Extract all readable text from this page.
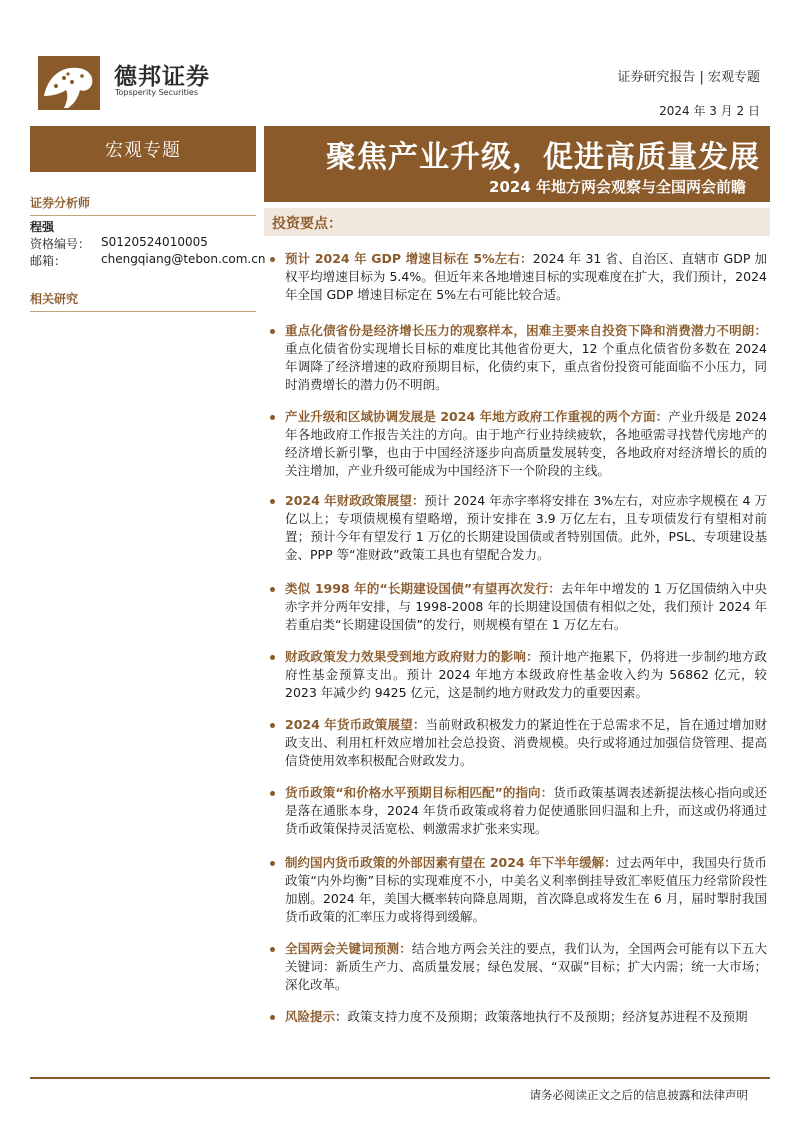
德邦证券
Topsperity Securities
证券研究报告 | 宏观专题
2024 年 3 月 2 日
宏观专题
证券分析师
程强
资格编号： S0120524010005
邮箱：	chengqiang@tebon.com.cn
相关研究
聚焦产业升级，促进高质量发展
2024 年地方两会观察与全国两会前瞻
投资要点：
预计 2024 年 GDP 增速目标在 5%左右：2024 年 31 省、自治区、直辖市 GDP 加权平均增速目标为 5.4%。但近年来各地增速目标的实现难度在扩大，我们预计，2024 年全国 GDP 增速目标定在 5%左右可能比较合适。
重点化债省份是经济增长压力的观察样本，困难主要来自投资下降和消费潜力不明朗：重点化债省份实现增长目标的难度比其他省份更大，12 个重点化债省份多数在 2024 年调降了经济增速的政府预期目标，化债约束下，重点省份投资可能面临不小压力，同时消费增长的潜力仍不明朗。
产业升级和区域协调发展是 2024 年地方政府工作重视的两个方面：产业升级是 2024 年各地政府工作报告关注的方向。由于地产行业持续疲软，各地亟需寻找替代房地产的经济增长新引擎，也由于中国经济逐步向高质量发展转变，各地政府对经济增长的质的关注增加，产业升级可能成为中国经济下一个阶段的主线。
2024 年财政政策展望：预计 2024 年赤字率将安排在 3%左右，对应赤字规模在 4 万亿以上；专项债规模有望略增，预计安排在 3.9 万亿左右，且专项债发行有望相对前置；预计今年有望发行 1 万亿的长期建设国债或者特别国债。此外，PSL、专项建设基金、PPP 等“准财政”政策工具也有望配合发力。
类似 1998 年的“长期建设国债”有望再次发行：去年年中增发的 1 万亿国债纳入中央赤字并分两年安排，与 1998-2008 年的长期建设国债有相似之处，我们预计 2024 年若重启类“长期建设国债”的发行，则规模有望在 1 万亿左右。
财政政策发力效果受到地方政府财力的影响：预计地产拖累下，仍将进一步制约地方政府性基金预算支出。预计 2024 年地方本级政府性基金收入约为 56862 亿元，较 2023 年减少约 9425 亿元，这是制约地方财政发力的重要因素。
2024 年货币政策展望：当前财政积极发力的紧迫性在于总需求不足，旨在通过增加财政支出、利用杠杆效应增加社会总投资、消费规模。央行或将通过加强信贷管理、提高信贷使用效率积极配合财政发力。
货币政策“和价格水平预期目标相匹配”的指向：货币政策基调表述新提法核心指向或还是落在通胀本身，2024 年货币政策或将着力促使通胀回归温和上升，而这或仍将通过货币政策保持灵活宽松、刺激需求扩张来实现。
制约国内货币政策的外部因素有望在 2024 年下半年缓解：过去两年中，我国央行货币政策“内外均衡”目标的实现难度不小，中美名义利率倒挂导致汇率贬值压力经常阶段性加剧。2024 年，美国大概率转向降息周期，首次降息或将发生在 6 月，届时掣肘我国货币政策的汇率压力或将得到缓解。
全国两会关键词预测：结合地方两会关注的要点，我们认为，全国两会可能有以下五大关键词：新质生产力、高质量发展；绿色发展、“双碳”目标；扩大内需；统一大市场；深化改革。
风险提示：政策支持力度不及预期；政策落地执行不及预期；经济复苏进程不及预期
请务必阅读正文之后的信息披露和法律声明
